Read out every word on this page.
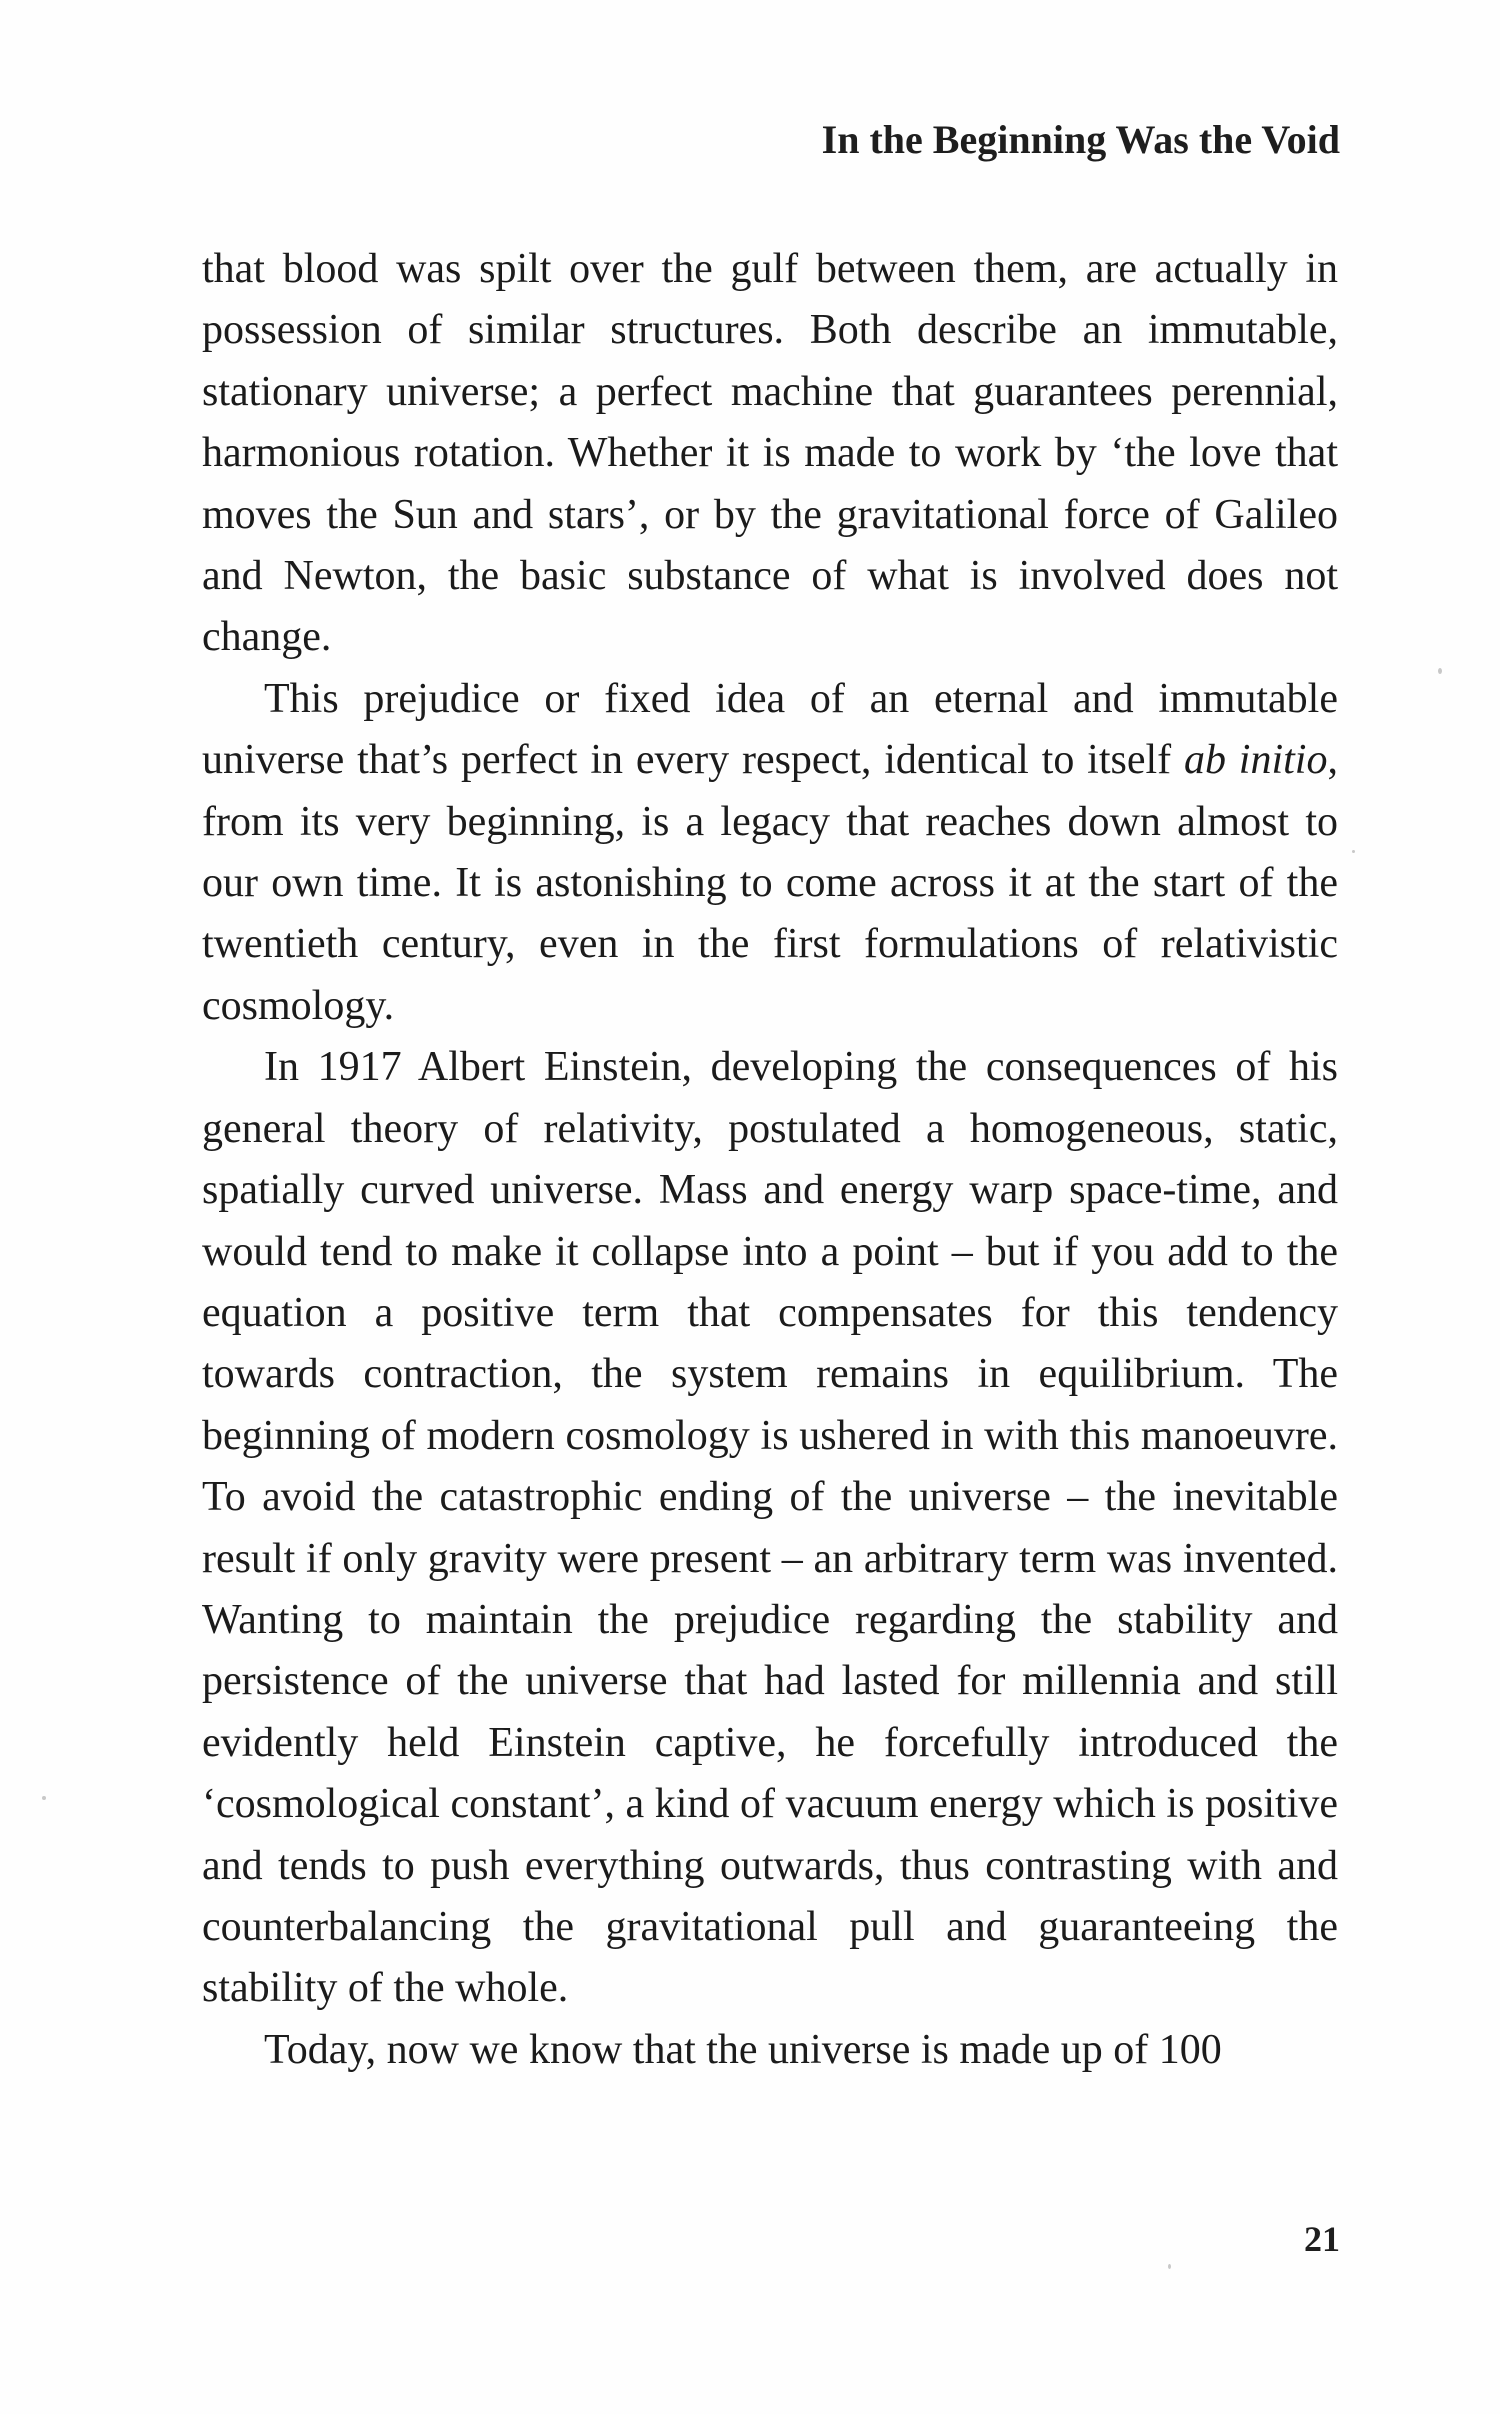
In the Beginning Was the Void

that blood was spilt over the gulf between them, are actually in possession of similar structures. Both describe an immutable, stationary universe; a perfect machine that guarantees perennial, harmonious rotation. Whether it is made to work by ‘the love that moves the Sun and stars’, or by the gravitational force of Galileo and Newton, the basic substance of what is involved does not change.

This prejudice or fixed idea of an eternal and immutable universe that’s perfect in every respect, identical to itself ab initio, from its very beginning, is a legacy that reaches down almost to our own time. It is astonishing to come across it at the start of the twentieth century, even in the first formulations of relativistic cosmology.

In 1917 Albert Einstein, developing the consequences of his general theory of relativity, postulated a homogeneous, static, spatially curved universe. Mass and energy warp space-time, and would tend to make it collapse into a point – but if you add to the equation a positive term that compensates for this tendency towards contraction, the system remains in equilibrium. The beginning of modern cosmology is ushered in with this manoeuvre. To avoid the catastrophic ending of the universe – the inevitable result if only gravity were present – an arbitrary term was invented. Wanting to maintain the prejudice regarding the stability and persistence of the universe that had lasted for millennia and still evidently held Einstein captive, he forcefully introduced the ‘cosmological constant’, a kind of vacuum energy which is positive and tends to push everything outwards, thus contrasting with and counterbalancing the gravitational pull and guaranteeing the stability of the whole.

Today, now we know that the universe is made up of 100

21
